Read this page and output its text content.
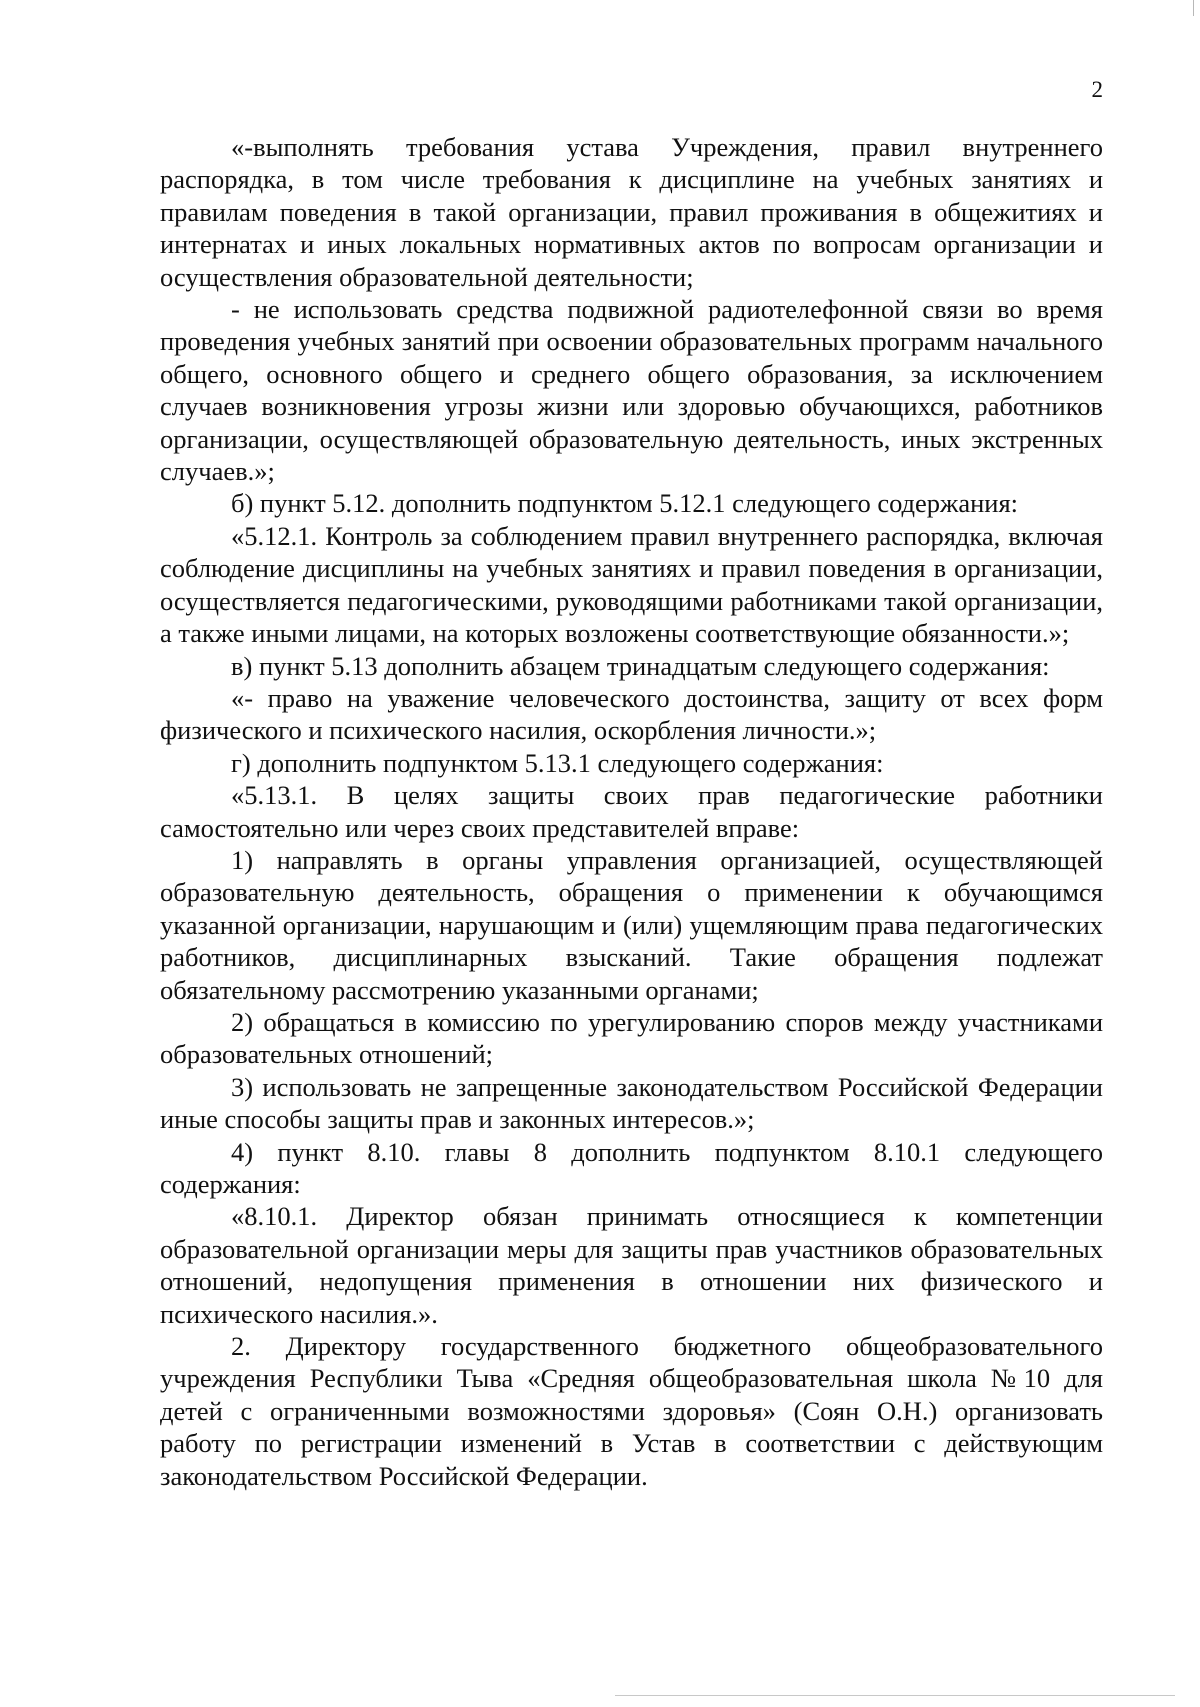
2

«-выполнять требования устава Учреждения, правил внутреннего распорядка, в том числе требования к дисциплине на учебных занятиях и правилам поведения в такой организации, правил проживания в общежитиях и интернатах и иных локальных нормативных актов по вопросам организации и осуществления образовательной деятельности;

- не использовать средства подвижной радиотелефонной связи во время проведения учебных занятий при освоении образовательных программ начального общего, основного общего и среднего общего образования, за исключением случаев возникновения угрозы жизни или здоровью обучающихся, работников организации, осуществляющей образовательную деятельность, иных экстренных случаев.»;

б) пункт 5.12. дополнить подпунктом 5.12.1 следующего содержания:

«5.12.1. Контроль за соблюдением правил внутреннего распорядка, включая соблюдение дисциплины на учебных занятиях и правил поведения в организации, осуществляется педагогическими, руководящими работниками такой организации, а также иными лицами, на которых возложены соответствующие обязанности.»;

в) пункт 5.13 дополнить абзацем тринадцатым следующего содержания:

«- право на уважение человеческого достоинства, защиту от всех форм физического и психического насилия, оскорбления личности.»;

г) дополнить подпунктом 5.13.1 следующего содержания:

«5.13.1. В целях защиты своих прав педагогические работники самостоятельно или через своих представителей вправе:

1) направлять в органы управления организацией, осуществляющей образовательную деятельность, обращения о применении к обучающимся указанной организации, нарушающим и (или) ущемляющим права педагогических работников, дисциплинарных взысканий. Такие обращения подлежат обязательному рассмотрению указанными органами;

2) обращаться в комиссию по урегулированию споров между участниками образовательных отношений;

3) использовать не запрещенные законодательством Российской Федерации иные способы защиты прав и законных интересов.»;

4) пункт 8.10. главы 8 дополнить подпунктом 8.10.1 следующего содержания:

«8.10.1. Директор обязан принимать относящиеся к компетенции образовательной организации меры для защиты прав участников образовательных отношений, недопущения применения в отношении них физического и психического насилия.».

2. Директору государственного бюджетного общеобразовательного учреждения Республики Тыва «Средняя общеобразовательная школа №10 для детей с ограниченными возможностями здоровья» (Соян О.Н.) организовать работу по регистрации изменений в Устав в соответствии с действующим законодательством Российской Федерации.
